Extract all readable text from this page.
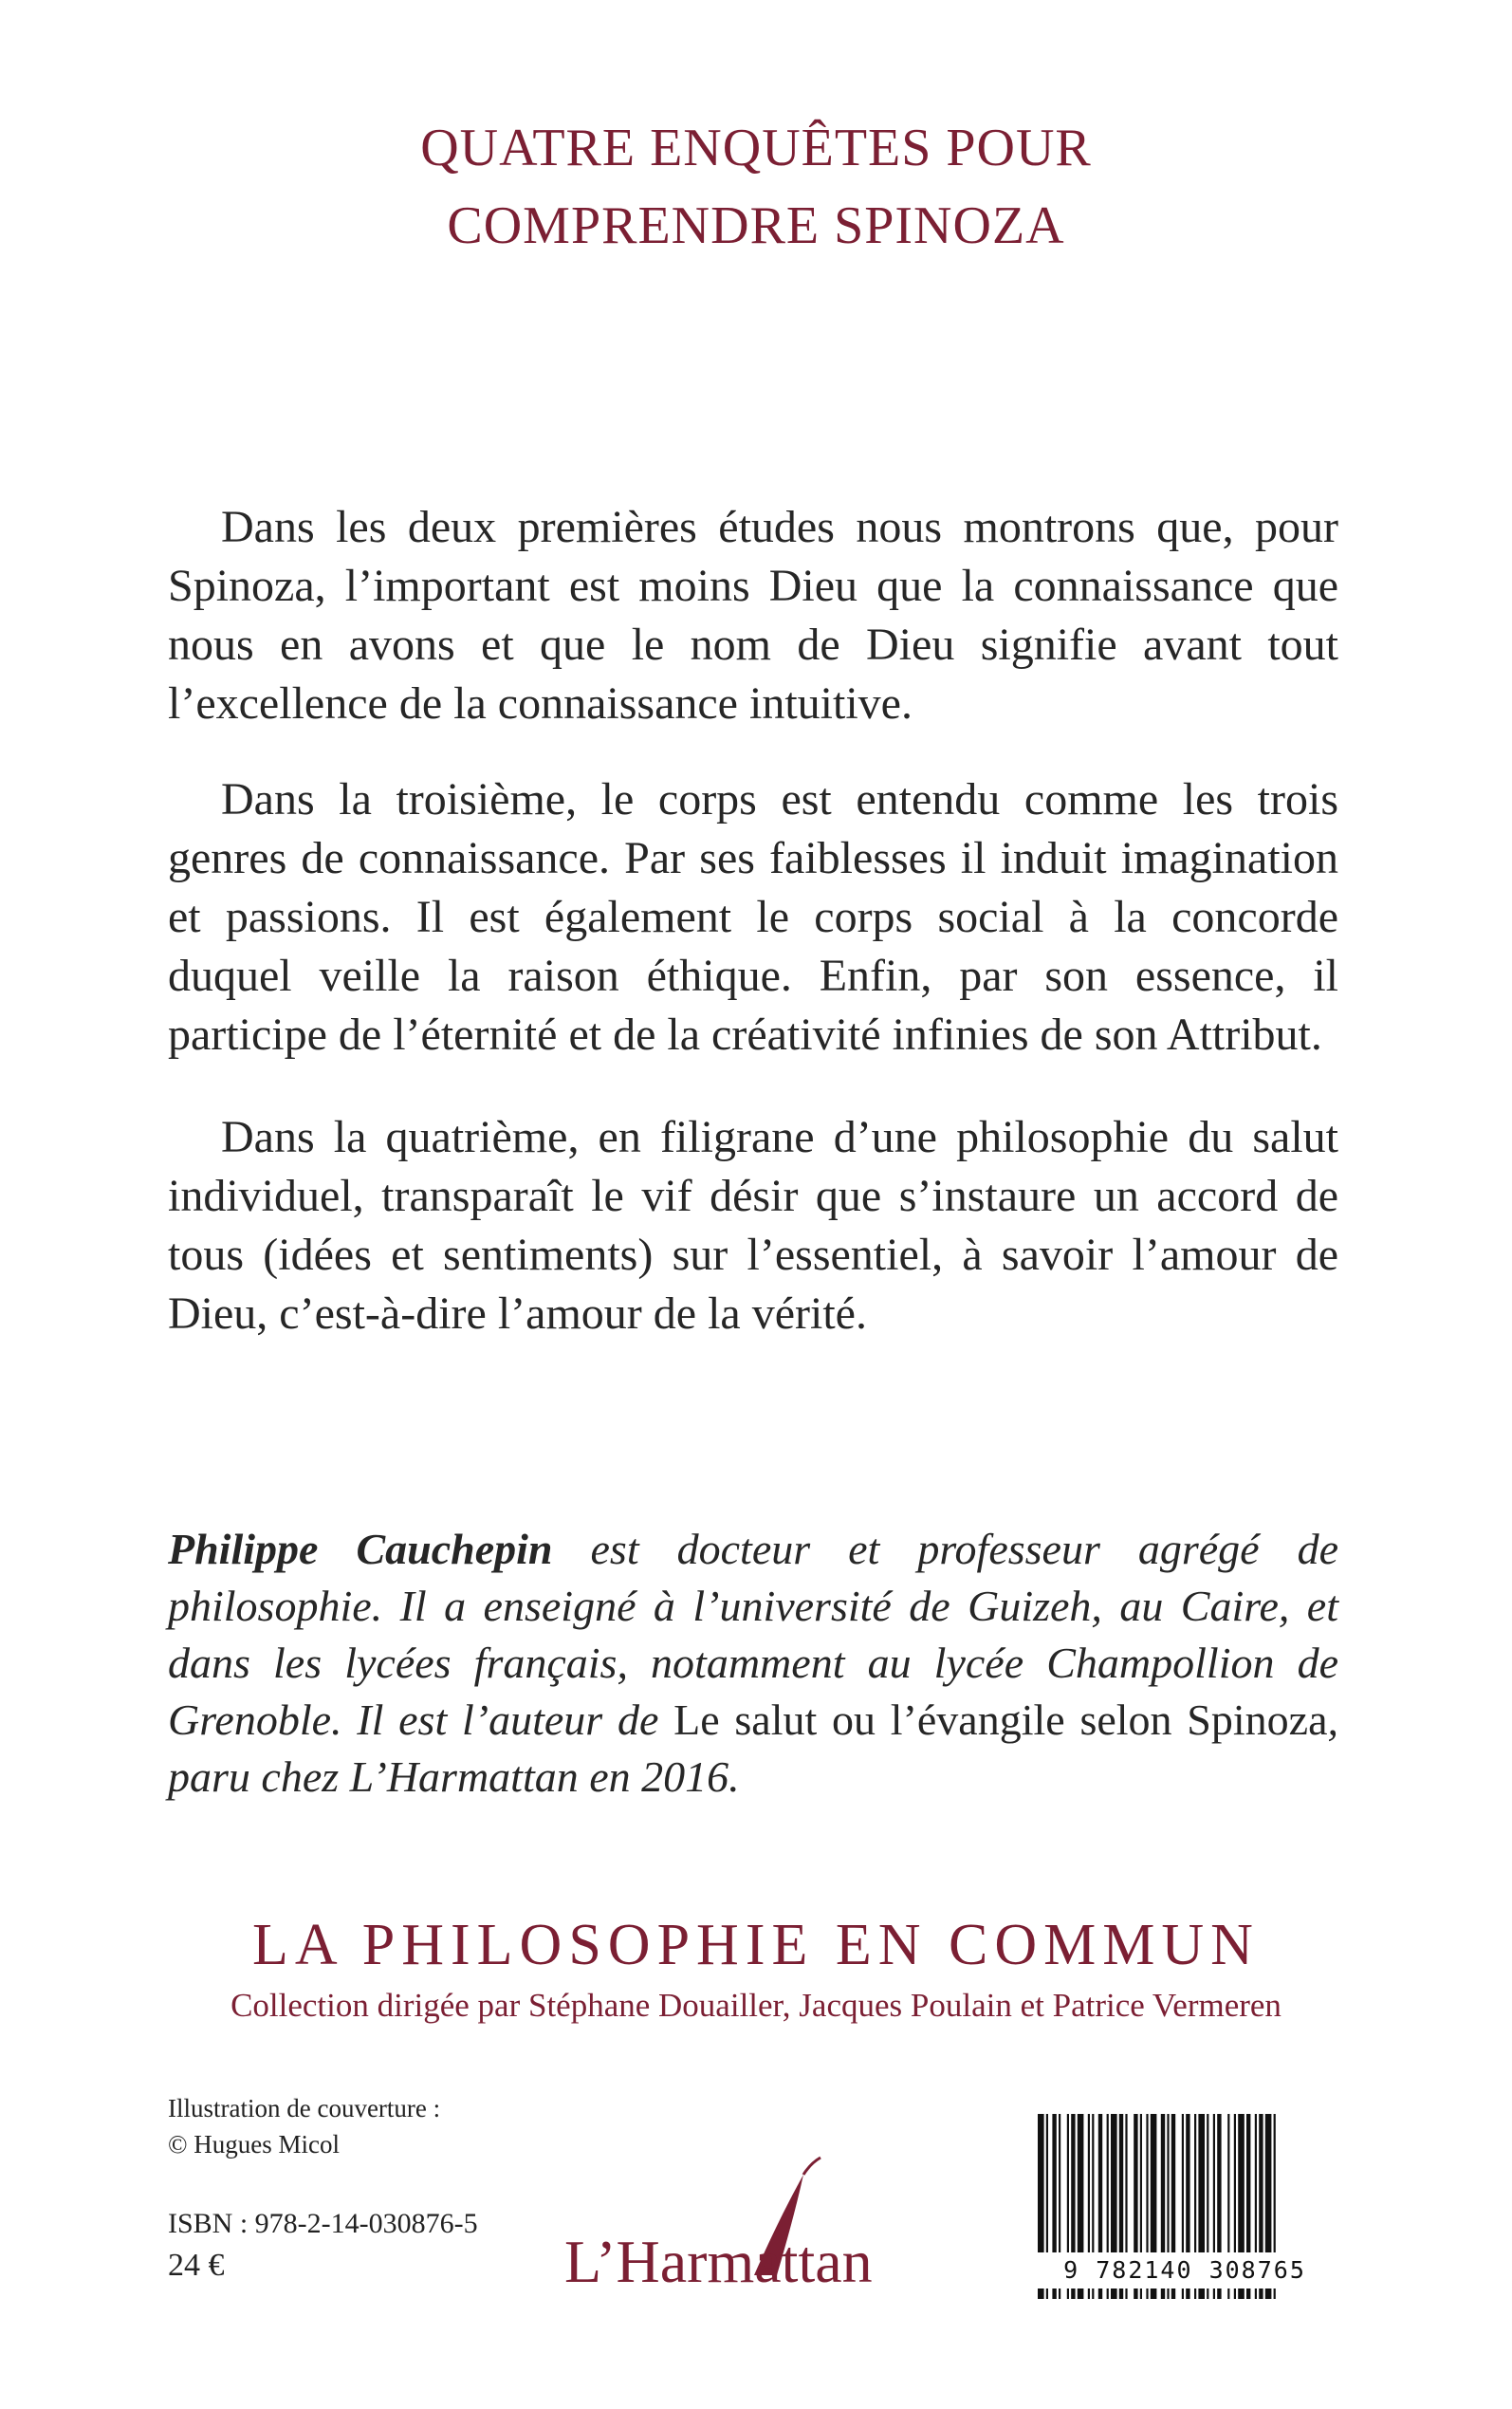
QUATRE ENQUÊTES POUR
COMPRENDRE SPINOZA

Dans les deux premières études nous montrons que, pour Spinoza, l’important est moins Dieu que la connaissance que nous en avons et que le nom de Dieu signifie avant tout l’excellence de la connaissance intuitive.

Dans la troisième, le corps est entendu comme les trois genres de connaissance. Par ses faiblesses il induit imagination et passions. Il est également le corps social à la concorde duquel veille la raison éthique. Enfin, par son essence, il participe de l’éternité et de la créativité infinies de son Attribut.

Dans la quatrième, en filigrane d’une philosophie du salut individuel, transparaît le vif désir que s’instaure un accord de tous (idées et sentiments) sur l’essentiel, à savoir l’amour de Dieu, c’est-à-dire l’amour de la vérité.

Philippe Cauchepin est docteur et professeur agrégé de philosophie. Il a enseigné à l’université de Guizeh, au Caire, et dans les lycées français, notamment au lycée Champollion de Grenoble. Il est l’auteur de Le salut ou l’évangile selon Spinoza, paru chez L’Harmattan en 2016.
LA PHILOSOPHIE EN COMMUN
Collection dirigée par Stéphane Douailler, Jacques Poulain et Patrice Vermeren
Illustration de couverture :
© Hugues Micol
ISBN : 978-2-14-030876-5
24 €	L’Harmattan	9 782140 308765
